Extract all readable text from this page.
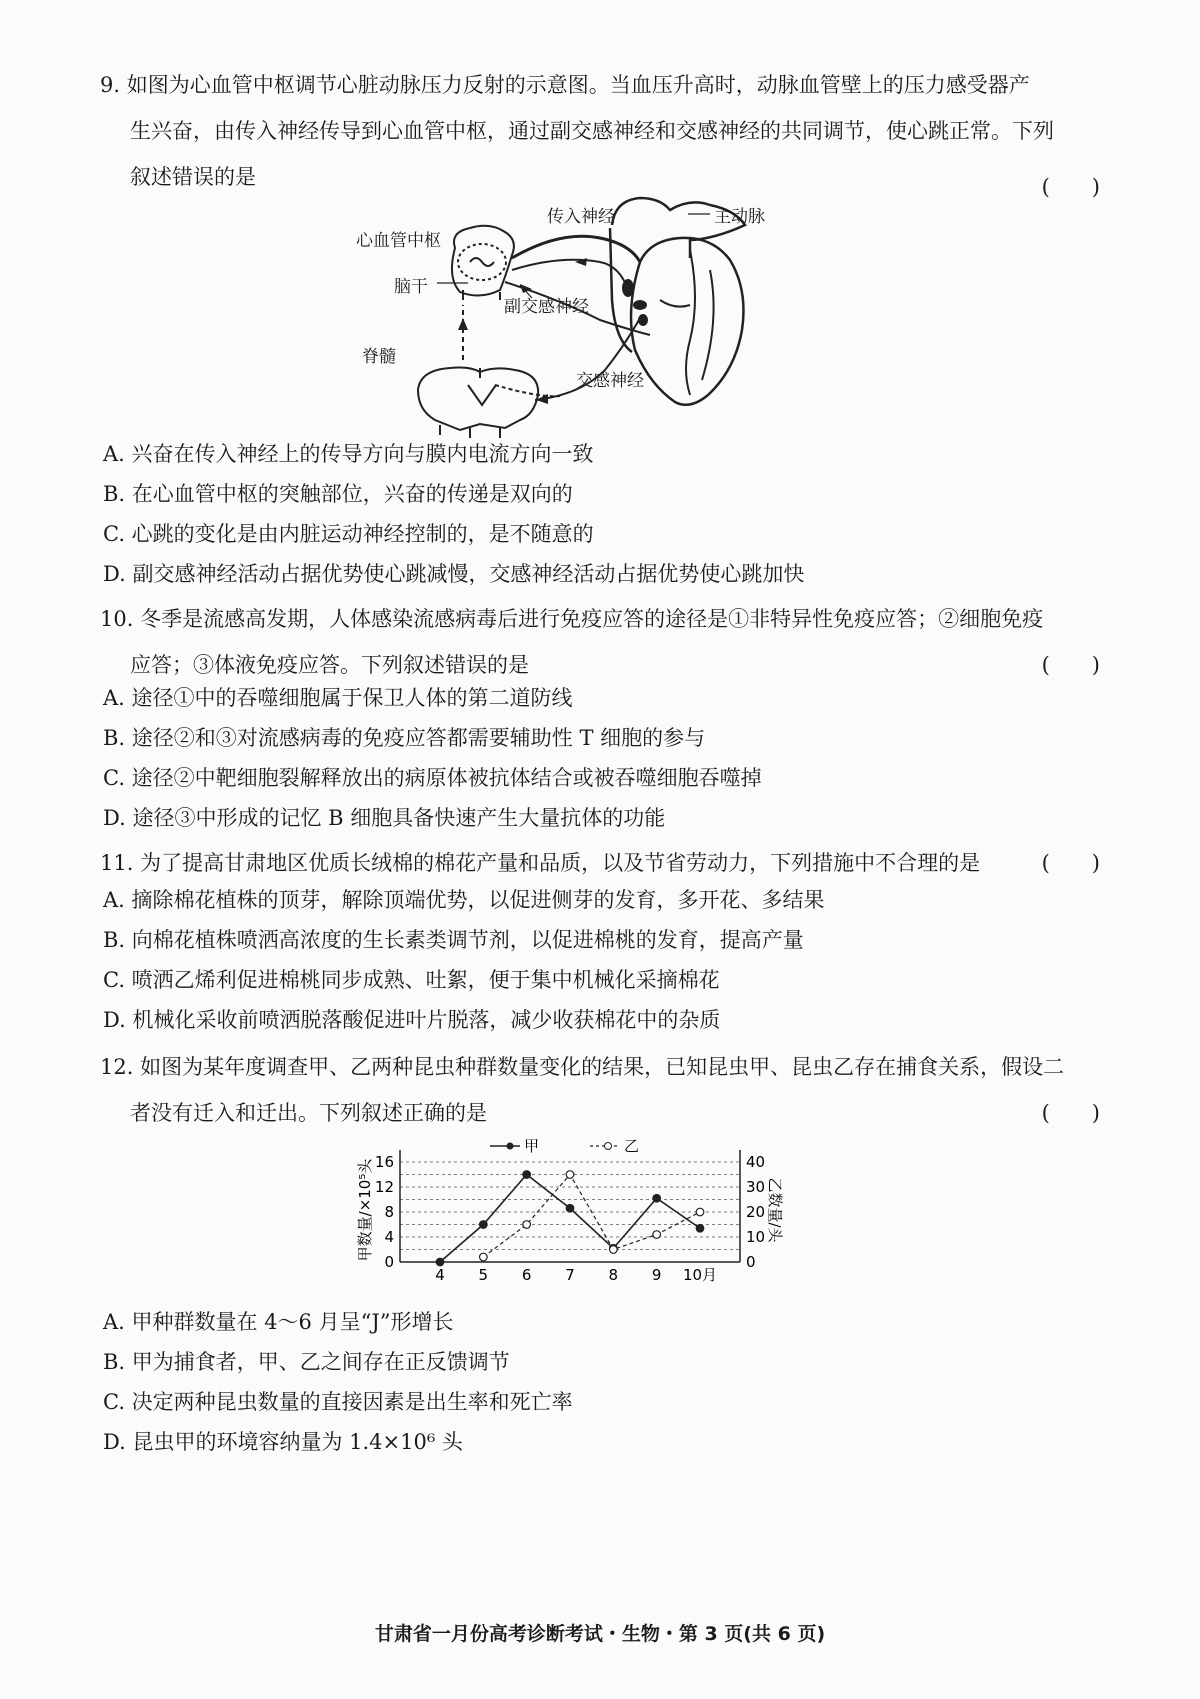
9. 如图为心血管中枢调节心脏动脉压力反射的示意图。当血压升高时，动脉血管壁上的压力感受器产
生兴奋，由传入神经传导到心血管中枢，通过副交感神经和交感神经的共同调节，使心跳正常。下列
叙述错误的是	(　　)
传入神经	主动脉
心血管中枢
脑干
副交感神经
脊髓
交感神经
A. 兴奋在传入神经上的传导方向与膜内电流方向一致
B. 在心血管中枢的突触部位，兴奋的传递是双向的
C. 心跳的变化是由内脏运动神经控制的，是不随意的
D. 副交感神经活动占据优势使心跳减慢，交感神经活动占据优势使心跳加快
10. 冬季是流感高发期，人体感染流感病毒后进行免疫应答的途径是①非特异性免疫应答；②细胞免疫
应答；③体液免疫应答。下列叙述错误的是	(　　)
A. 途径①中的吞噬细胞属于保卫人体的第二道防线
B. 途径②和③对流感病毒的免疫应答都需要辅助性 T 细胞的参与
C. 途径②中靶细胞裂解释放出的病原体被抗体结合或被吞噬细胞吞噬掉
D. 途径③中形成的记忆 B 细胞具备快速产生大量抗体的功能
11. 为了提高甘肃地区优质长绒棉的棉花产量和品质，以及节省劳动力，下列措施中不合理的是	(　　)
A. 摘除棉花植株的顶芽，解除顶端优势，以促进侧芽的发育，多开花、多结果
B. 向棉花植株喷洒高浓度的生长素类调节剂，以促进棉桃的发育，提高产量
C. 喷洒乙烯利促进棉桃同步成熟、吐絮，便于集中机械化采摘棉花
D. 机械化采收前喷洒脱落酸促进叶片脱落，减少收获棉花中的杂质
12. 如图为某年度调查甲、乙两种昆虫种群数量变化的结果，已知昆虫甲、昆虫乙存在捕食关系，假设二
者没有迁入和迁出。下列叙述正确的是	(　　)
0
4
8
12
16
0
10
20
30
40
4 5 6 7 8 9 10月
甲	乙
甲数量/×10⁵头	乙数量/头
A. 甲种群数量在 4～6 月呈“J”形增长
B. 甲为捕食者，甲、乙之间存在正反馈调节
C. 决定两种昆虫数量的直接因素是出生率和死亡率
D. 昆虫甲的环境容纳量为 1.4×10⁶ 头
甘肃省一月份高考诊断考试・生物・第 3 页(共 6 页)
